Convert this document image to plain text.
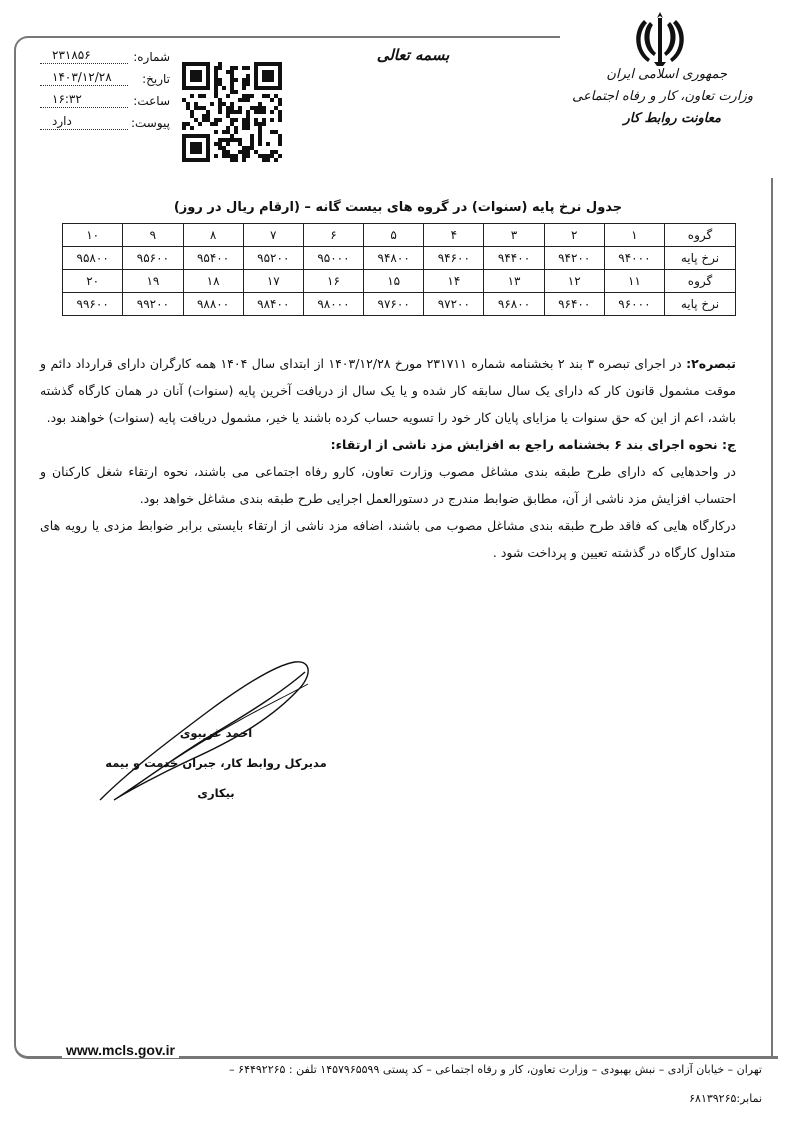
جمهوری اسلامی ایران
وزارت تعاون، کار و رفاه اجتماعی
معاونت روابط کار
بسمه تعالی
شماره:
۲۳۱۸۵۶
تاریخ:
۱۴۰۳/۱۲/۲۸
ساعت:
۱۶:۳۲
پیوست:
دارد
جدول نرخ پایه (سنوات) در گروه های بیست گانه – (ارقام ریال در روز)
گروه	۱	۲	۳	۴	۵	۶	۷	۸	۹	۱۰
نرخ پایه	۹۴۰۰۰	۹۴۲۰۰	۹۴۴۰۰	۹۴۶۰۰	۹۴۸۰۰	۹۵۰۰۰	۹۵۲۰۰	۹۵۴۰۰	۹۵۶۰۰	۹۵۸۰۰
گروه	۱۱	۱۲	۱۳	۱۴	۱۵	۱۶	۱۷	۱۸	۱۹	۲۰
نرخ پایه	۹۶۰۰۰	۹۶۴۰۰	۹۶۸۰۰	۹۷۲۰۰	۹۷۶۰۰	۹۸۰۰۰	۹۸۴۰۰	۹۸۸۰۰	۹۹۲۰۰	۹۹۶۰۰

تبصره۲: در اجرای تبصره ۳ بند ۲ بخشنامه شماره ۲۳۱۷۱۱ مورخ ۱۴۰۳/۱۲/۲۸ از ابتدای سال ۱۴۰۴ همه کارگران دارای قرارداد دائم و موقت مشمول قانون کار که دارای یک سال سابقه کار شده و یا یک سال از دریافت آخرین پایه (سنوات) آنان در همان کارگاه گذشته باشد، اعم از این که حق سنوات یا مزایای پایان کار خود را تسویه حساب کرده باشند یا خیر، مشمول دریافت پایه (سنوات) خواهند بود.

ج: نحوه اجرای بند ۶ بخشنامه راجع به افزایش مزد ناشی از ارتقاء:

در واحدهایی که دارای طرح طبقه بندی مشاغل مصوب وزارت تعاون، کارو رفاه اجتماعی می باشند، نحوه ارتقاء شغل کارکنان و احتساب افزایش مزد ناشی از آن، مطابق ضوابط مندرج در دستورالعمل اجرایی طرح طبقه بندی مشاغل خواهد بود.

درکارگاه هایی که فاقد طرح طبقه بندی مشاغل مصوب می باشند، اضافه مزد ناشی از ارتقاء بایستی برابر ضوابط مزدی یا رویه های متداول کارگاه در گذشته تعیین و پرداخت شود .

احمد غریبوی
مدیرکل روابط کار، جبران خدمت و بیمه بیکاری
www.mcls.gov.ir
تهران – خیابان آزادی – نبش بهبودی – وزارت تعاون، کار و رفاه اجتماعی – کد پستی ۱۴۵۷۹۶۵۵۹۹ تلفن : ۶۴۴۹۲۲۶۵ –
نمابر:۶۸۱۳۹۲۶۵
